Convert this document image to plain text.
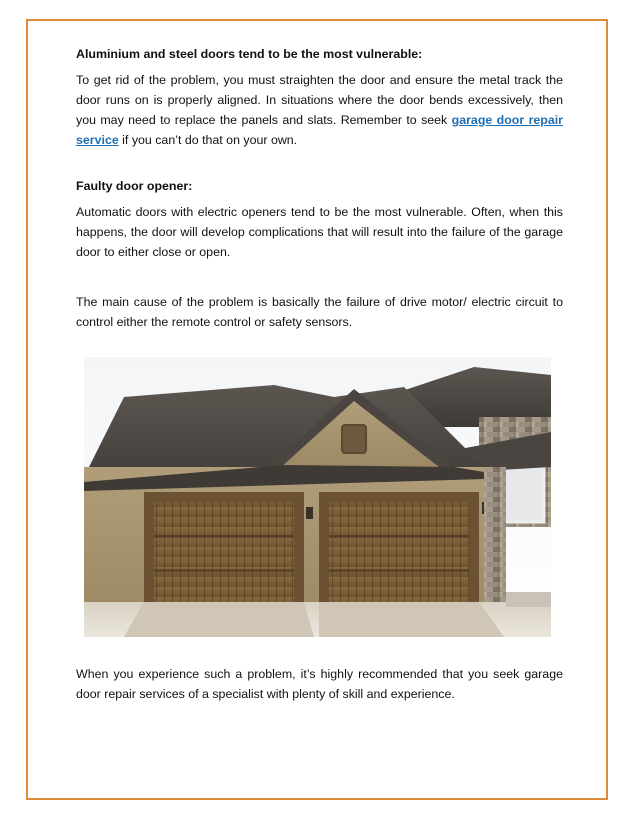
Aluminium and steel doors tend to be the most vulnerable:

To get rid of the problem, you must straighten the door and ensure the metal track the door runs on is properly aligned. In situations where the door bends excessively, then you may need to replace the panels and slats. Remember to seek garage door repair service if you can’t do that on your own.

Faulty door opener:

Automatic doors with electric openers tend to be the most vulnerable. Often, when this happens, the door will develop complications that will result into the failure of the garage door to either close or open.

The main cause of the problem is basically the failure of drive motor/ electric circuit to control either the remote control or safety sensors.

When you experience such a problem, it’s highly recommended that you seek garage door repair services of a specialist with plenty of skill and experience.
